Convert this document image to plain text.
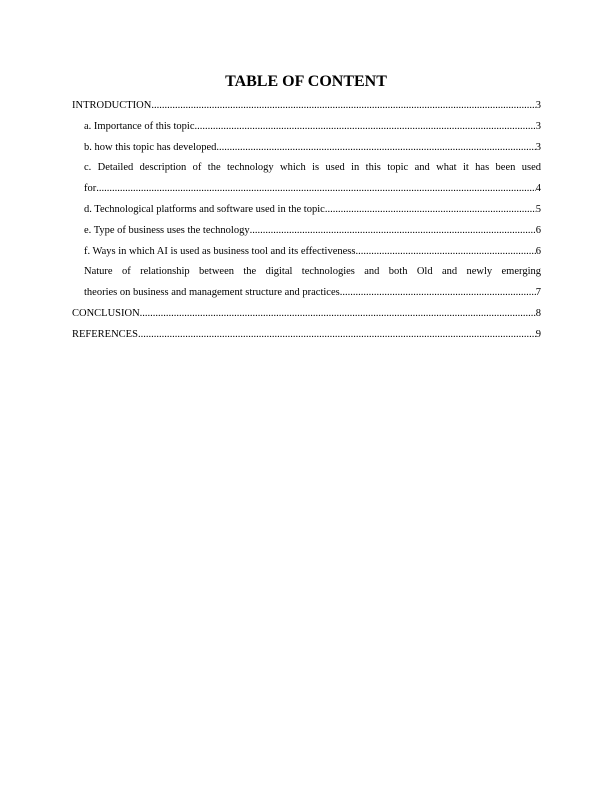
TABLE OF CONTENT
INTRODUCTION .....	3
a. Importance of this topic .....	3
b. how this topic has developed .....	3
c. Detailed description of the technology which is used in this topic and what it has been used
for .....	4
d. Technological platforms and software used in the topic .....	5
e. Type of business uses the technology .....	6
f. Ways in which AI is used as business tool and its effectiveness .....	6
Nature of relationship between the digital technologies and both Old and newly emerging
theories on business and management structure and practices .....	7
CONCLUSION .....	8
REFERENCES .....	9
